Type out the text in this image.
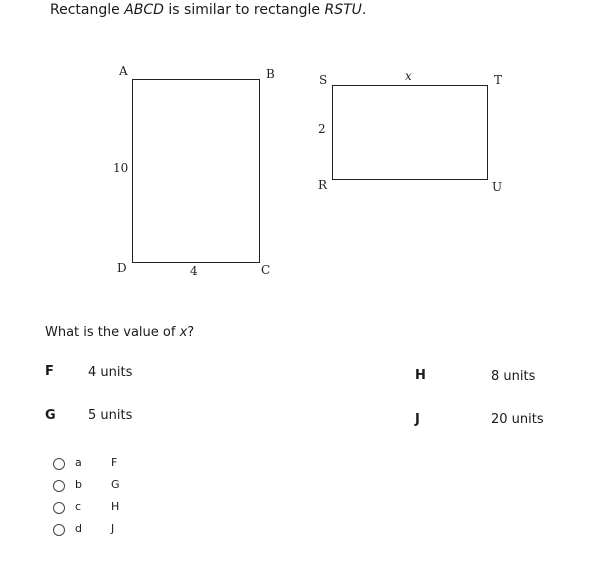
Rectangle ABCD is similar to rectangle RSTU.
A	B
C
D
10
4
S	T
U
R
x
2
What is the value of x?
F	4 units
G 5 units
H	8 units
J	20 units
a	F
b	G
c	H
d	J
